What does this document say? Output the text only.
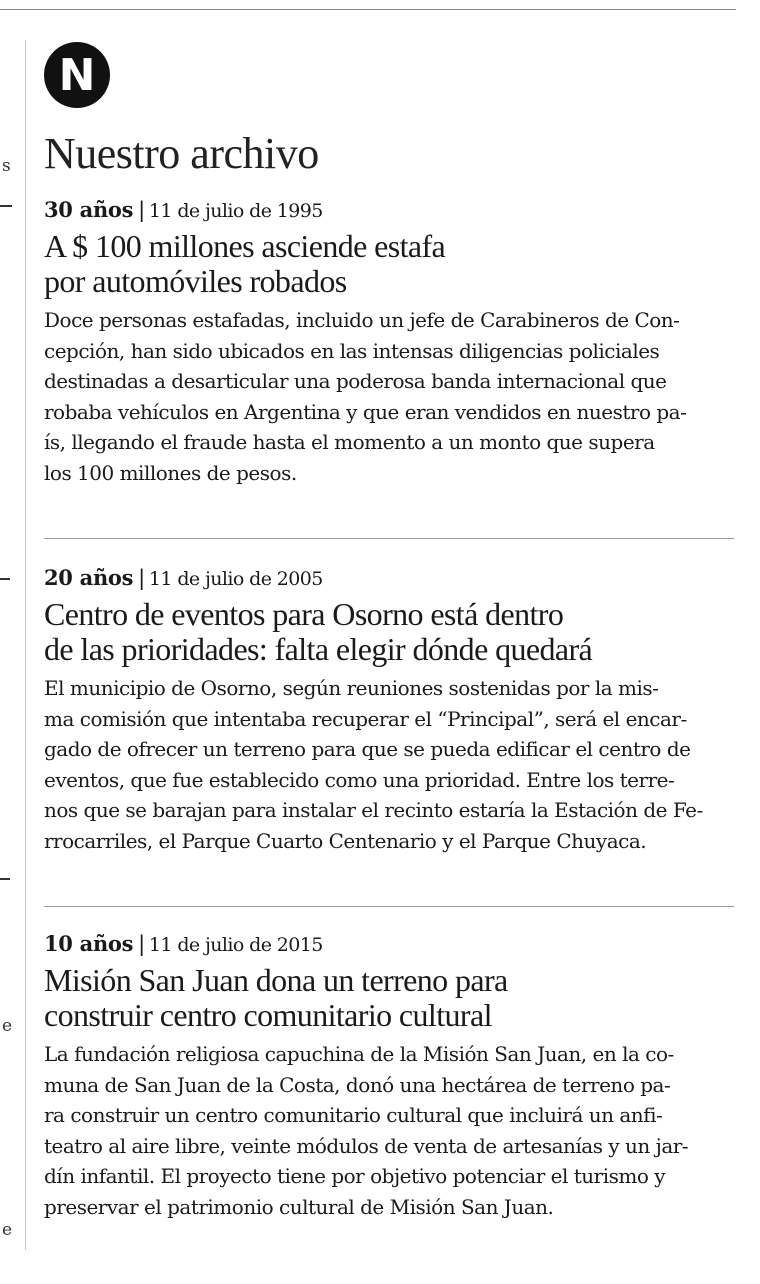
s
e
e
N
Nuestro archivo

30 años | 11 de julio de 1995

A $ 100 millones asciende estafa
por automóviles robados

Doce personas estafadas, incluido un jefe de Carabineros de Con-
cepción, han sido ubicados en las intensas diligencias policiales
destinadas a desarticular una poderosa banda internacional que
robaba vehículos en Argentina y que eran vendidos en nuestro pa-
ís, llegando el fraude hasta el momento a un monto que supera
los 100 millones de pesos.

20 años | 11 de julio de 2005

Centro de eventos para Osorno está dentro
de las prioridades: falta elegir dónde quedará

El municipio de Osorno, según reuniones sostenidas por la mis-
ma comisión que intentaba recuperar el “Principal”, será el encar-
gado de ofrecer un terreno para que se pueda edificar el centro de
eventos, que fue establecido como una prioridad. Entre los terre-
nos que se barajan para instalar el recinto estaría la Estación de Fe-
rrocarriles, el Parque Cuarto Centenario y el Parque Chuyaca.

10 años | 11 de julio de 2015

Misión San Juan dona un terreno para
construir centro comunitario cultural

La fundación religiosa capuchina de la Misión San Juan, en la co-
muna de San Juan de la Costa, donó una hectárea de terreno pa-
ra construir un centro comunitario cultural que incluirá un anfi-
teatro al aire libre, veinte módulos de venta de artesanías y un jar-
dín infantil. El proyecto tiene por objetivo potenciar el turismo y
preservar el patrimonio cultural de Misión San Juan.
